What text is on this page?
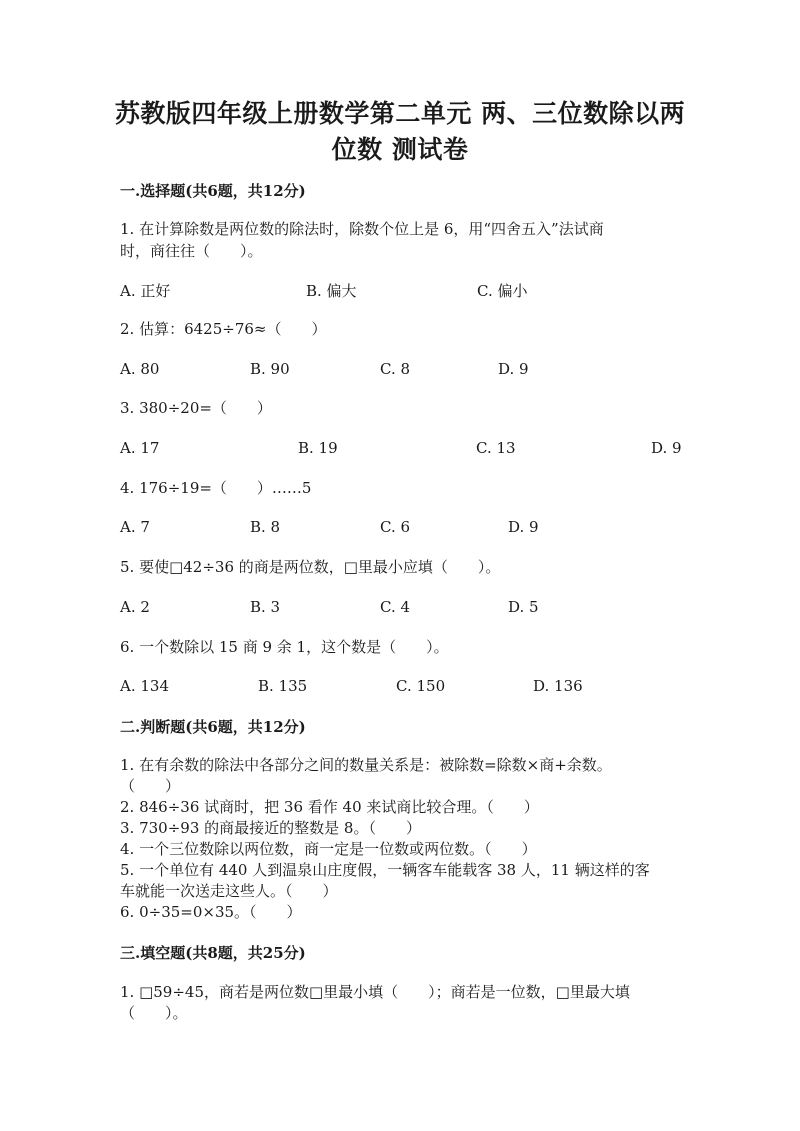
苏教版四年级上册数学第二单元 两、三位数除以两
位数 测试卷
一.选择题(共6题，共12分)
1. 在计算除数是两位数的除法时，除数个位上是 6，用“四舍五入”法试商
时，商往往（　　）。
A. 正好	B. 偏大	C. 偏小
2. 估算：6425÷76≈（　　）
A. 80	B. 90	C. 8	D. 9
3. 380÷20=（　　）
A. 17	B. 19	C. 13	D. 9
4. 176÷19=（　　）……5
A. 7	B. 8	C. 6	D. 9
5. 要使□42÷36 的商是两位数，□里最小应填（　　）。
A. 2	B. 3	C. 4	D. 5
6. 一个数除以 15 商 9 余 1，这个数是（　　）。
A. 134	B. 135	C. 150	D. 136
二.判断题(共6题，共12分)
1. 在有余数的除法中各部分之间的数量关系是：被除数=除数×商+余数。
（　　）
2. 846÷36 试商时，把 36 看作 40 来试商比较合理。（　　）
3. 730÷93 的商最接近的整数是 8。（　　）
4. 一个三位数除以两位数，商一定是一位数或两位数。（　　）
5. 一个单位有 440 人到温泉山庄度假，一辆客车能载客 38 人，11 辆这样的客
车就能一次送走这些人。（　　）
6. 0÷35=0×35。（　　）
三.填空题(共8题，共25分)
1. □59÷45，商若是两位数□里最小填（　　）；商若是一位数，□里最大填
（　　）。
